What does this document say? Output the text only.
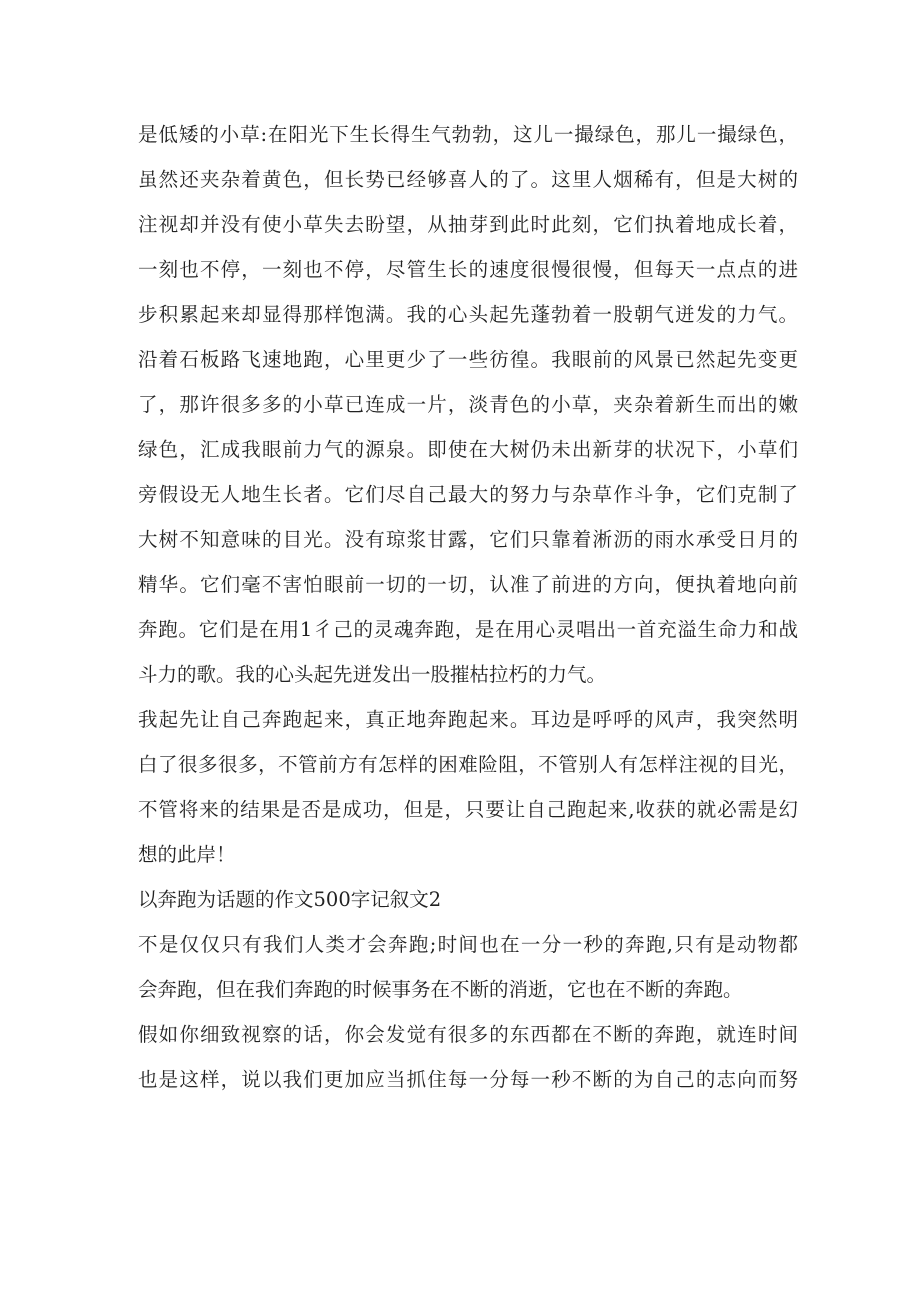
是低矮的小草:在阳光下生长得生气勃勃，这儿一撮绿色，那儿一撮绿色，
虽然还夹杂着黄色，但长势已经够喜人的了。这里人烟稀有，但是大树的
注视却并没有使小草失去盼望，从抽芽到此时此刻，它们执着地成长着，
一刻也不停，一刻也不停，尽管生长的速度很慢很慢，但每天一点点的进
步积累起来却显得那样饱满。我的心头起先蓬勃着一股朝气迸发的力气。
沿着石板路飞速地跑，心里更少了一些彷徨。我眼前的风景已然起先变更
了，那许很多多的小草已连成一片，淡青色的小草，夹杂着新生而出的嫩
绿色，汇成我眼前力气的源泉。即使在大树仍未出新芽的状况下，小草们
旁假设无人地生长者。它们尽自己最大的努力与杂草作斗争，它们克制了
大树不知意味的目光。没有琼浆甘露，它们只靠着淅沥的雨水承受日月的
精华。它们毫不害怕眼前一切的一切，认准了前进的方向，便执着地向前
奔跑。它们是在用1彳己的灵魂奔跑，是在用心灵唱出一首充溢生命力和战
斗力的歌。我的心头起先迸发出一股摧枯拉朽的力气。
我起先让自己奔跑起来，真正地奔跑起来。耳边是呼呼的风声，我突然明
白了很多很多，不管前方有怎样的困难险阻，不管别人有怎样注视的目光，
不管将来的结果是否是成功，但是，只要让自己跑起来,收获的就必需是幻
想的此岸！
以奔跑为话题的作文500字记叙文2
不是仅仅只有我们人类才会奔跑;时间也在一分一秒的奔跑,只有是动物都
会奔跑，但在我们奔跑的时候事务在不断的消逝，它也在不断的奔跑。
假如你细致视察的话，你会发觉有很多的东西都在不断的奔跑，就连时间
也是这样，说以我们更加应当抓住每一分每一秒不断的为自己的志向而努
